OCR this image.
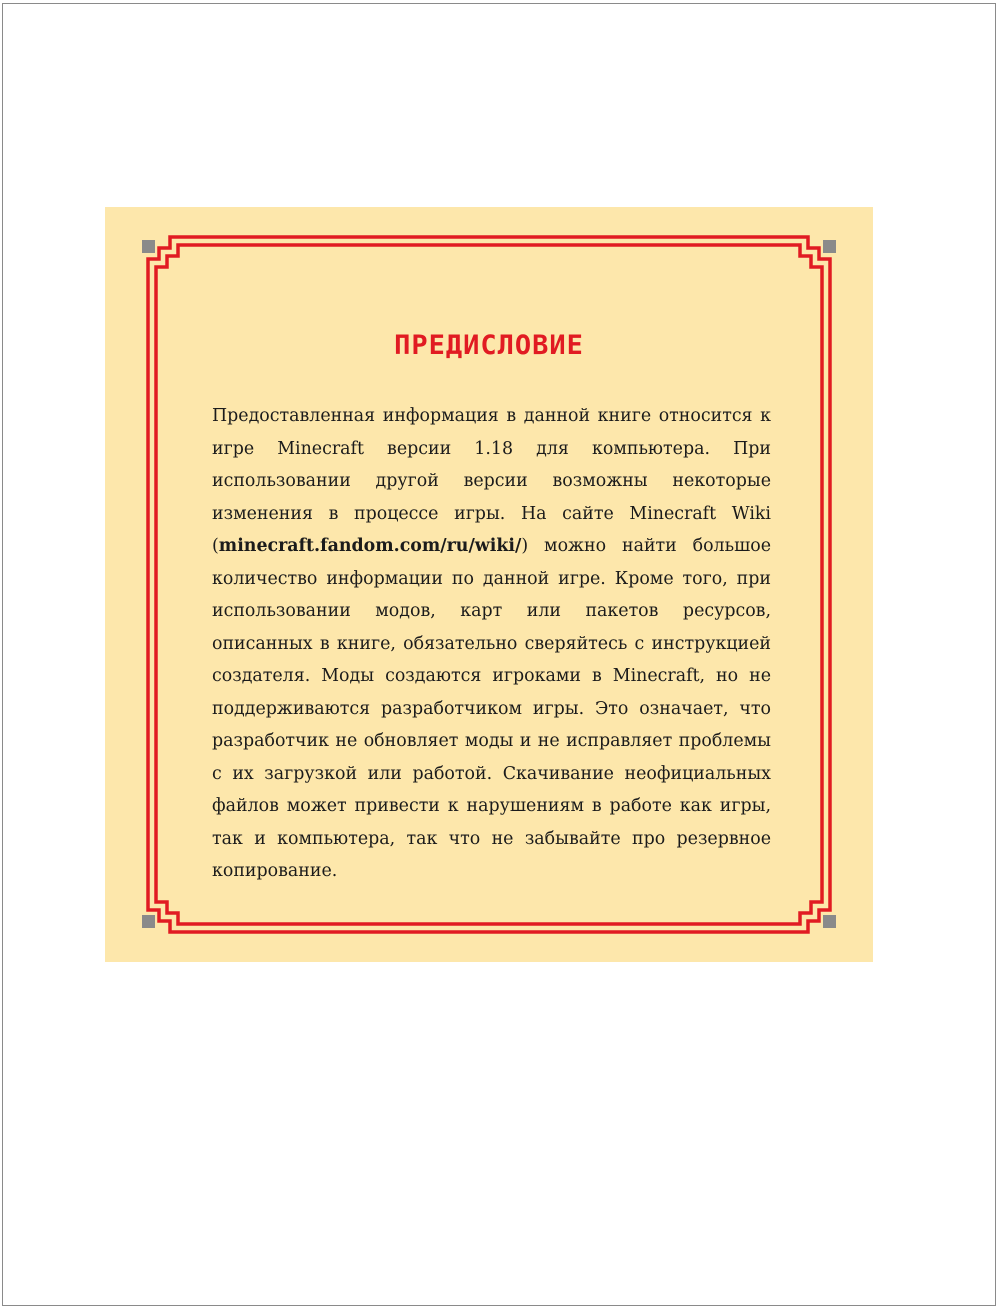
ПРЕДИСЛОВИЕ

Предоставленная информация в данной книге относится к игре Minecraft версии 1.18 для компьютера. При использовании другой версии возможны некоторые изменения в процессе игры. На сайте Minecraft Wiki (minecraft.fandom.com/ru/wiki/) можно найти большое количество информации по данной игре. Кроме того, при использовании модов, карт или пакетов ресурсов, описанных в книге, обязательно сверяйтесь с инструкцией создателя. Моды создаются игроками в Minecraft, но не поддерживаются разработчиком игры. Это означает, что разработчик не обновляет моды и не исправляет проблемы с их загрузкой или работой. Скачивание неофициальных файлов может привести к нарушениям в работе как игры, так и компьютера, так что не забывайте про резервное копирование.
